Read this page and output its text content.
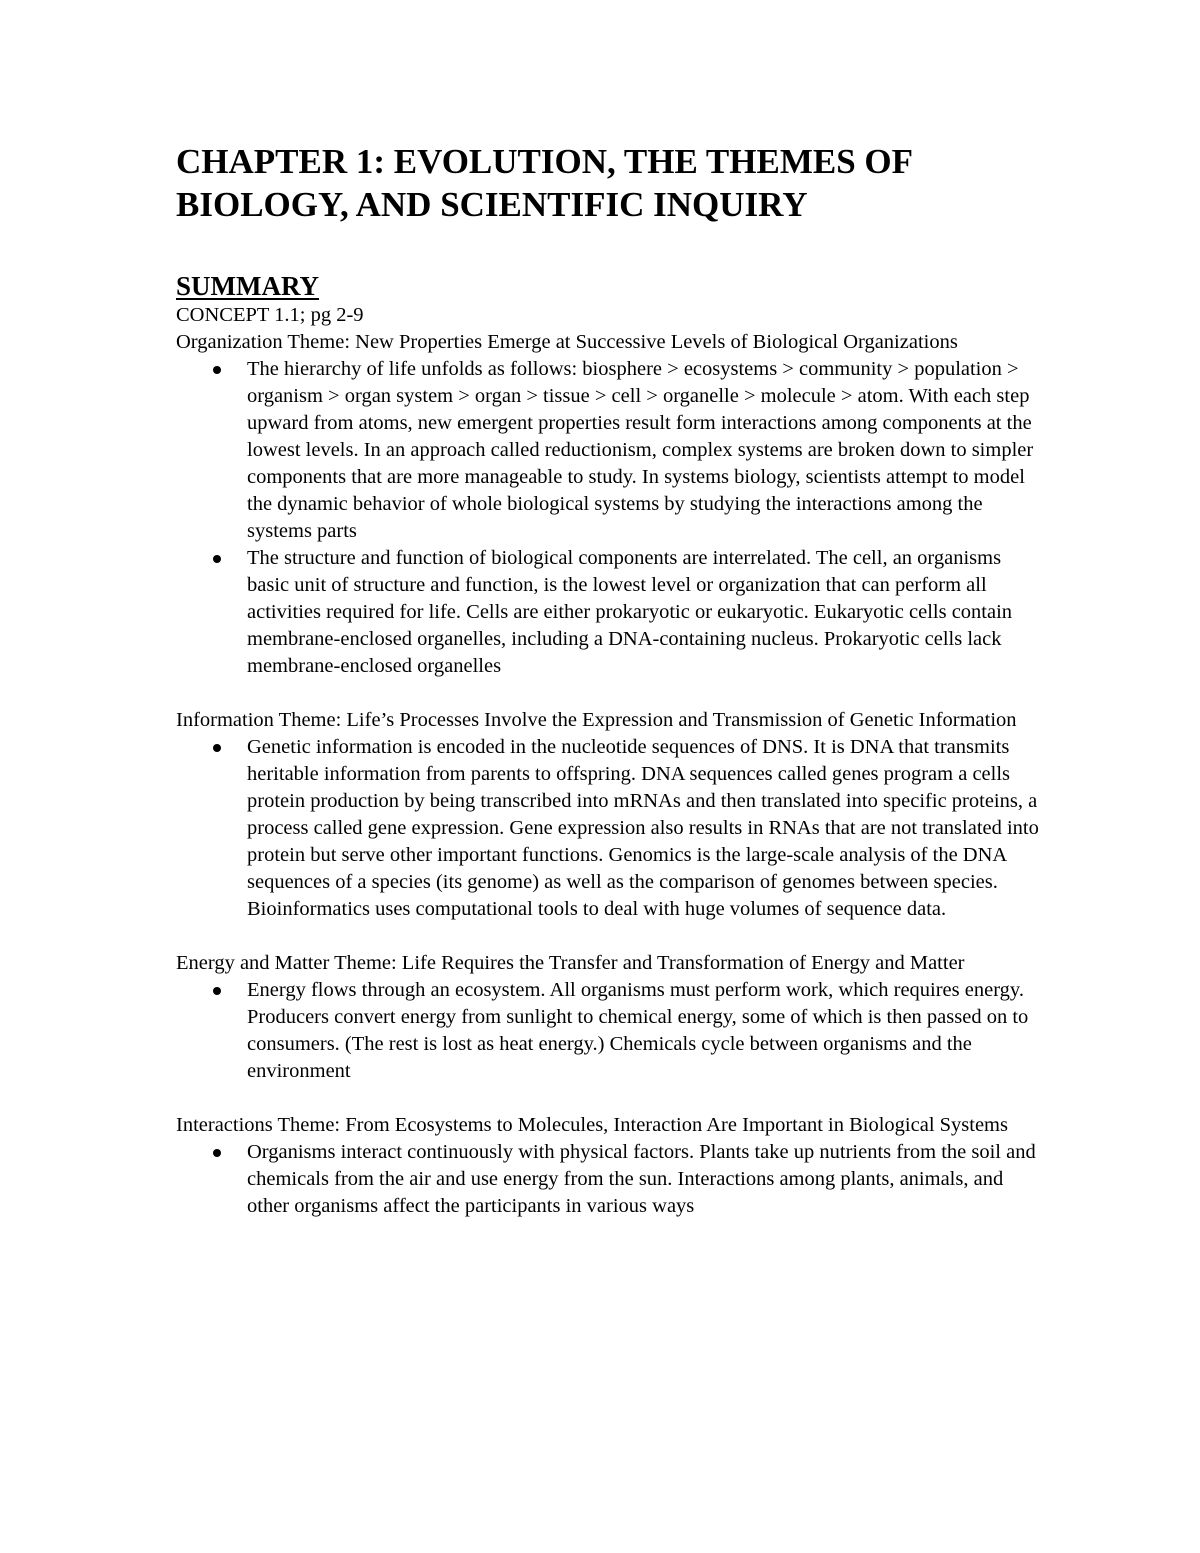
CHAPTER 1: EVOLUTION, THE THEMES OF BIOLOGY, AND SCIENTIFIC INQUIRY
SUMMARY

CONCEPT 1.1; pg 2-9

Organization Theme: New Properties Emerge at Successive Levels of Biological Organizations

The hierarchy of life unfolds as follows: biosphere > ecosystems > community > population > organism > organ system > organ > tissue > cell > organelle > molecule > atom. With each step upward from atoms, new emergent properties result form interactions among components at the lowest levels. In an approach called reductionism, complex systems are broken down to simpler components that are more manageable to study. In systems biology, scientists attempt to model the dynamic behavior of whole biological systems by studying the interactions among the systems parts
The structure and function of biological components are interrelated. The cell, an organisms basic unit of structure and function, is the lowest level or organization that can perform all activities required for life. Cells are either prokaryotic or eukaryotic. Eukaryotic cells contain membrane-enclosed organelles, including a DNA-containing nucleus. Prokaryotic cells lack membrane-enclosed organelles

Information Theme: Life’s Processes Involve the Expression and Transmission of Genetic Information

Genetic information is encoded in the nucleotide sequences of DNS. It is DNA that transmits heritable information from parents to offspring. DNA sequences called genes program a cells protein production by being transcribed into mRNAs and then translated into specific proteins, a process called gene expression. Gene expression also results in RNAs that are not translated into protein but serve other important functions. Genomics is the large-scale analysis of the DNA sequences of a species (its genome) as well as the comparison of genomes between species. Bioinformatics uses computational tools to deal with huge volumes of sequence data.

Energy and Matter Theme: Life Requires the Transfer and Transformation of Energy and Matter

Energy flows through an ecosystem. All organisms must perform work, which requires energy. Producers convert energy from sunlight to chemical energy, some of which is then passed on to consumers. (The rest is lost as heat energy.) Chemicals cycle between organisms and the environment

Interactions Theme: From Ecosystems to Molecules, Interaction Are Important in Biological Systems

Organisms interact continuously with physical factors. Plants take up nutrients from the soil and chemicals from the air and use energy from the sun. Interactions among plants, animals, and other organisms affect the participants in various ways
